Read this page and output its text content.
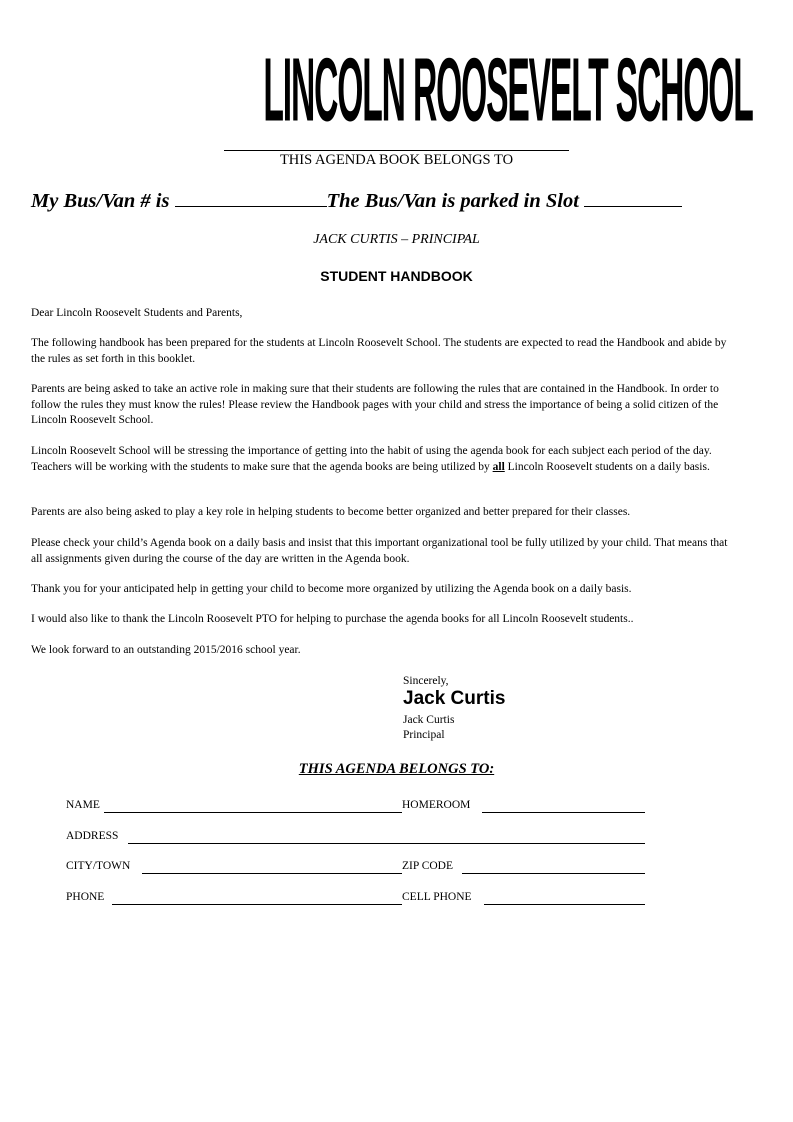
LINCOLN ROOSEVELT SCHOOL
THIS AGENDA BOOK BELONGS TO
My Bus/Van # is	The Bus/Van is parked in Slot
JACK CURTIS – PRINCIPAL
STUDENT HANDBOOK
Dear Lincoln Roosevelt Students and Parents,
The following handbook has been prepared for the students at Lincoln Roosevelt School. The students are expected to read the Handbook and abide by the rules as set forth in this booklet.
Parents are being asked to take an active role in making sure that their students are following the rules that are contained in the Handbook. In order to follow the rules they must know the rules! Please review the Handbook pages with your child and stress the importance of being a solid citizen of the Lincoln Roosevelt School.
Lincoln Roosevelt School will be stressing the importance of getting into the habit of using the agenda book for each subject each period of the day. Teachers will be working with the students to make sure that the agenda books are being utilized by all Lincoln Roosevelt students on a daily basis.
Parents are also being asked to play a key role in helping students to become better organized and better prepared for their classes.
Please check your child’s Agenda book on a daily basis and insist that this important organizational tool be fully utilized by your child. That means that all assignments given during the course of the day are written in the Agenda book.
Thank you for your anticipated help in getting your child to become more organized by utilizing the Agenda book on a daily basis.
I would also like to thank the Lincoln Roosevelt PTO for helping to purchase the agenda books for all Lincoln Roosevelt students..
We look forward to an outstanding 2015/2016 school year.
Sincerely,
Jack Curtis
Jack Curtis
Principal
THIS AGENDA BELONGS TO:
NAME	HOMEROOM
ADDRESS
CITY/TOWN	ZIP CODE
PHONE	CELL PHONE
